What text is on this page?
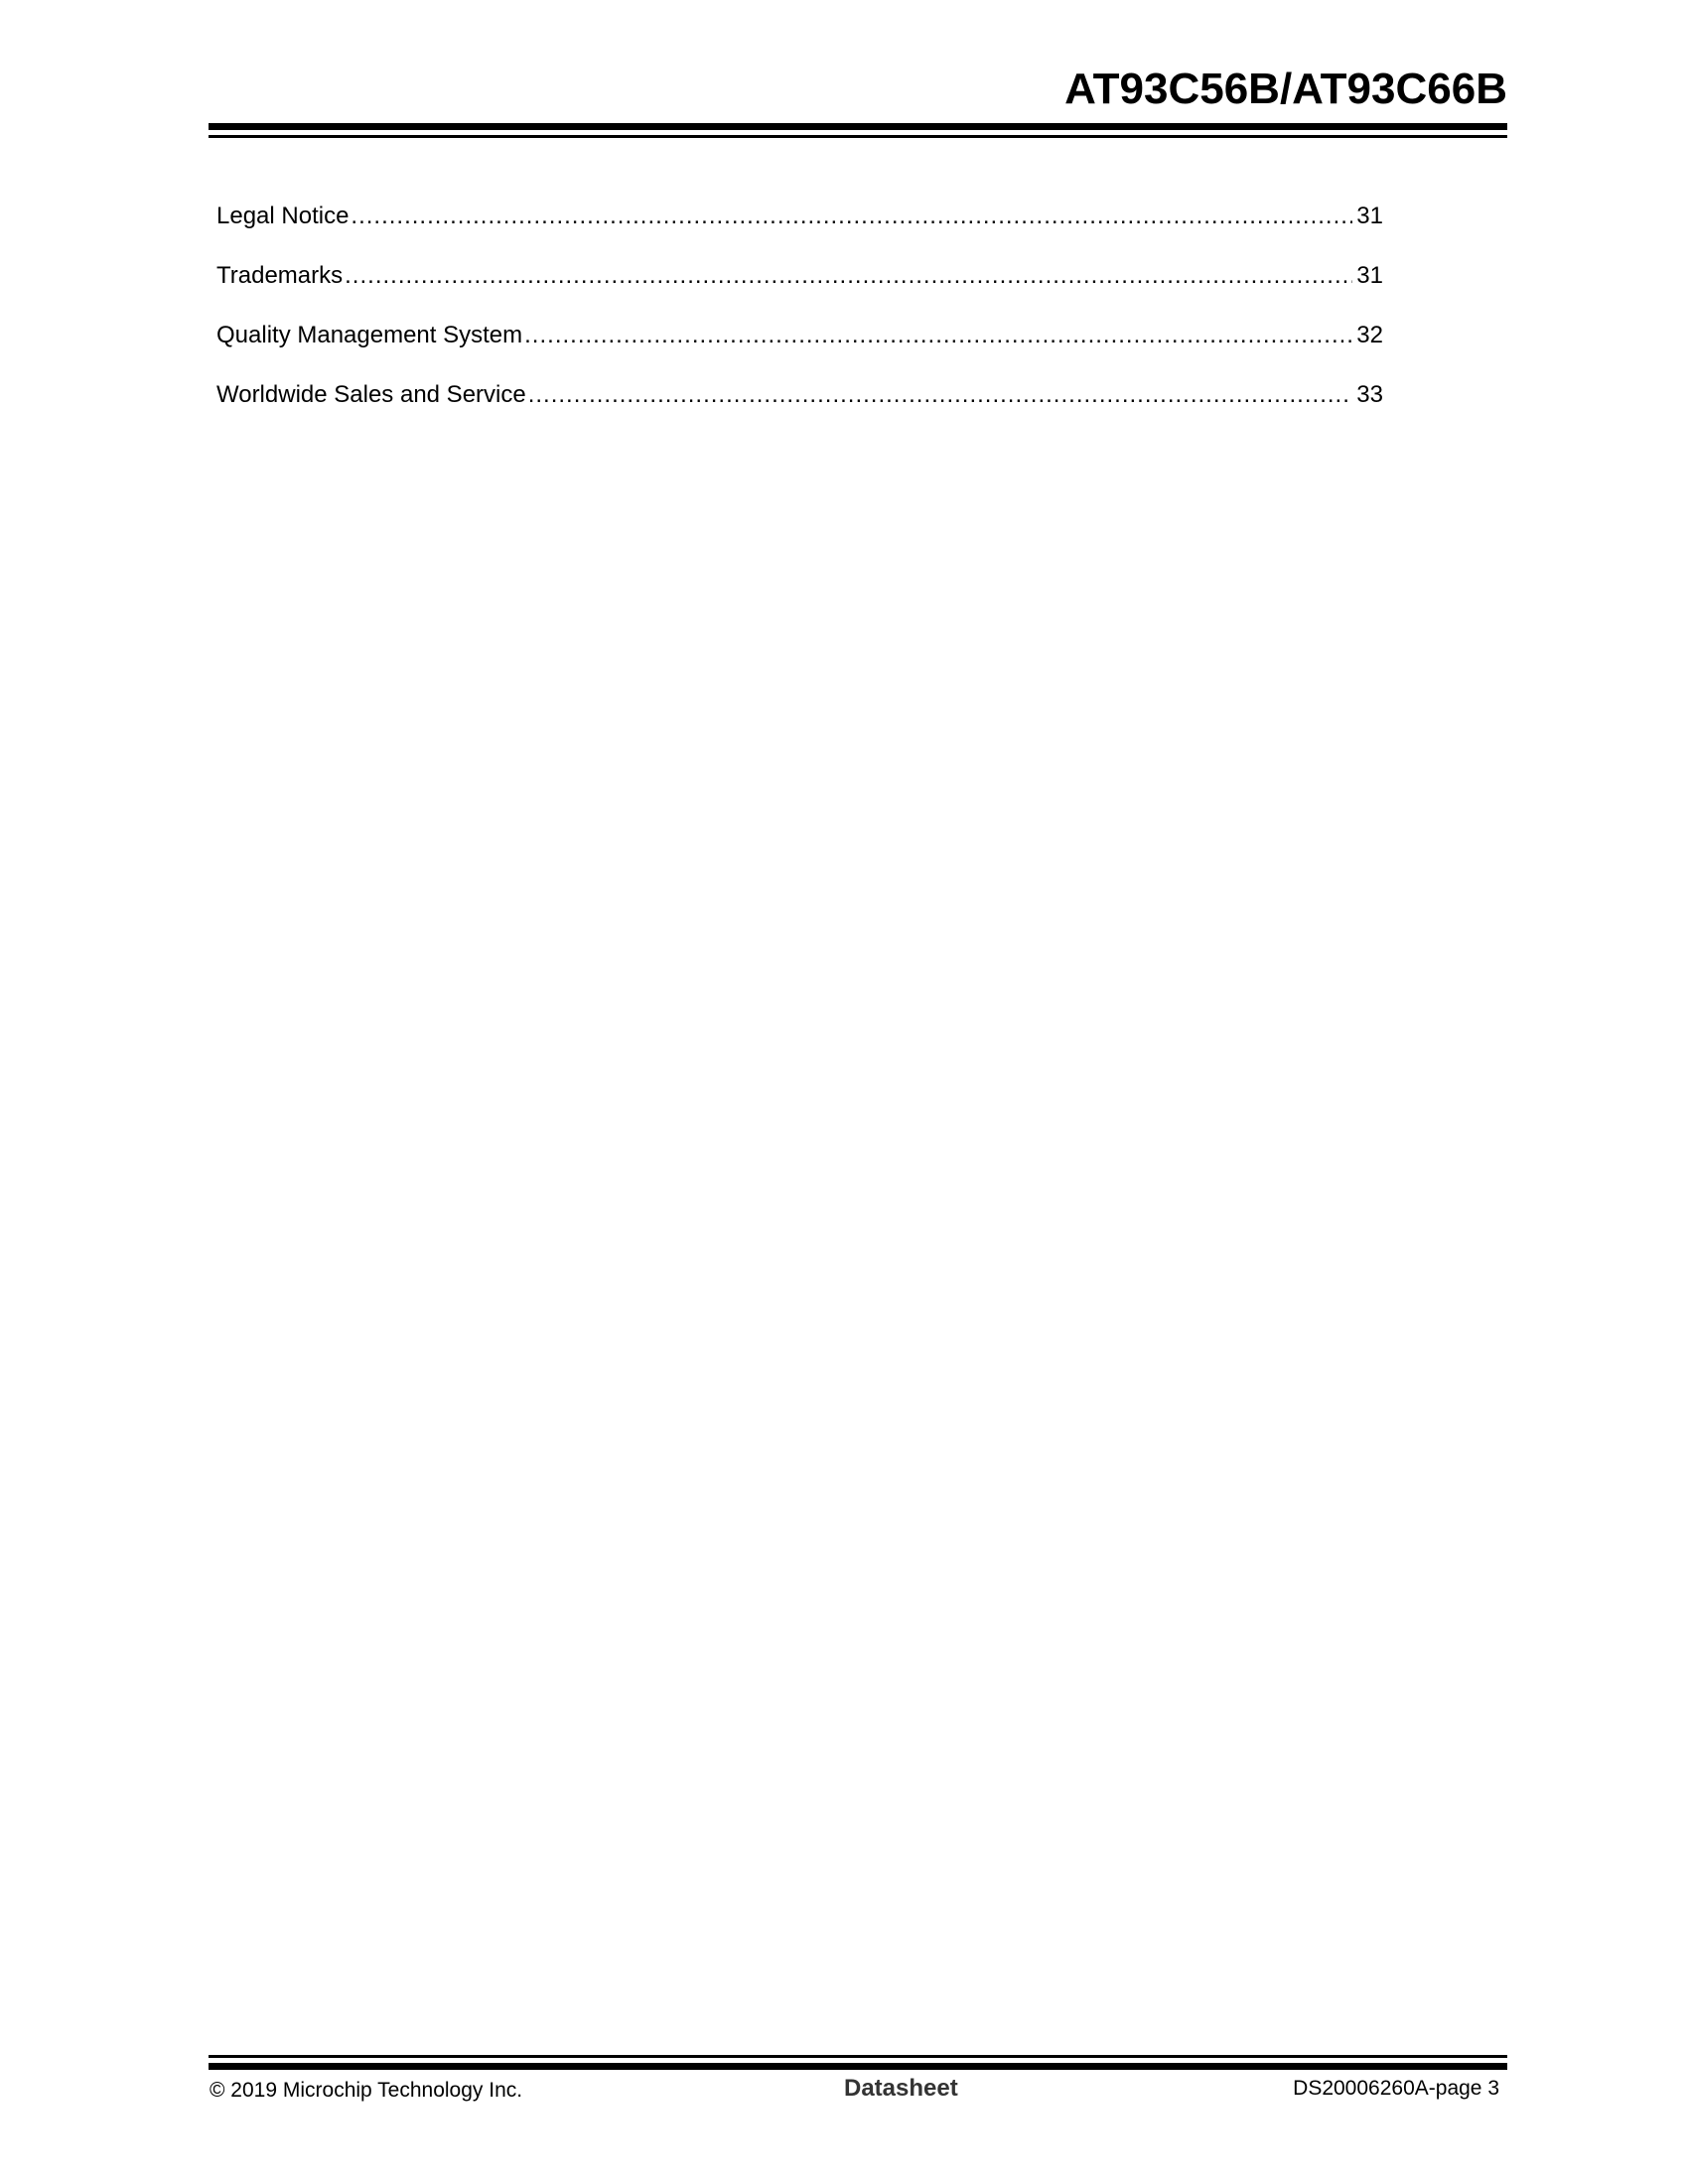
AT93C56B/AT93C66B
Legal Notice .....	31
Trademarks .....	31
Quality Management System .....	32
Worldwide Sales and Service .....	33
© 2019 Microchip Technology Inc.	Datasheet	DS20006260A-page 3
